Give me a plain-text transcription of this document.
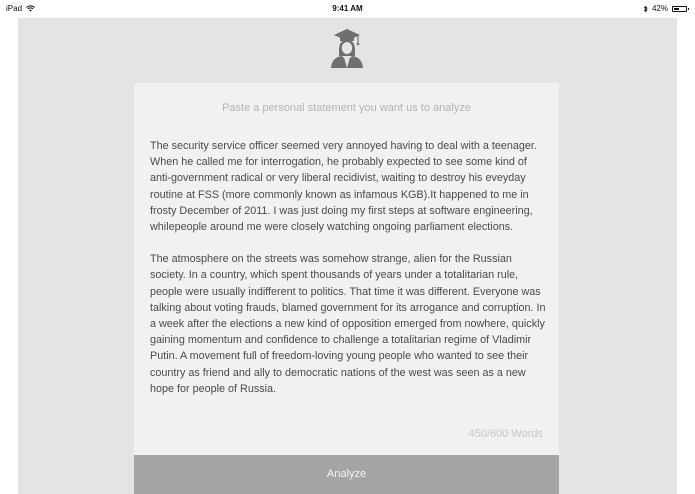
iPad	9:41 AM	42%
Paste a personal statement you want us to analyze

The security service officer seemed very annoyed having to deal with a teenager. When he called me for interrogation, he probably expected to see some kind of anti-government radical or very liberal recidivist, waiting to destroy his eveyday routine at FSS (more commonly known as infamous KGB).It happened to me in frosty December of 2011. I was just doing my first steps at software engineering, whilepeople around me were closely watching ongoing parliament elections.

The atmosphere on the streets was somehow strange, alien for the Russian society. In a country, which spent thousands of years under a totalitarian rule, people were usually indifferent to politics. That time it was different. Everyone was talking about voting frauds, blamed government for its arrogance and corruption. In a week after the elections a new kind of opposition emerged from nowhere, quickly gaining momentum and confidence to challenge a totalitarian regime of Vladimir Putin. A movement full of freedom-loving young people who wanted to see their country as friend and ally to democratic nations of the west was seen as a new hope for people of Russia.

450/600 Words
Analyze
